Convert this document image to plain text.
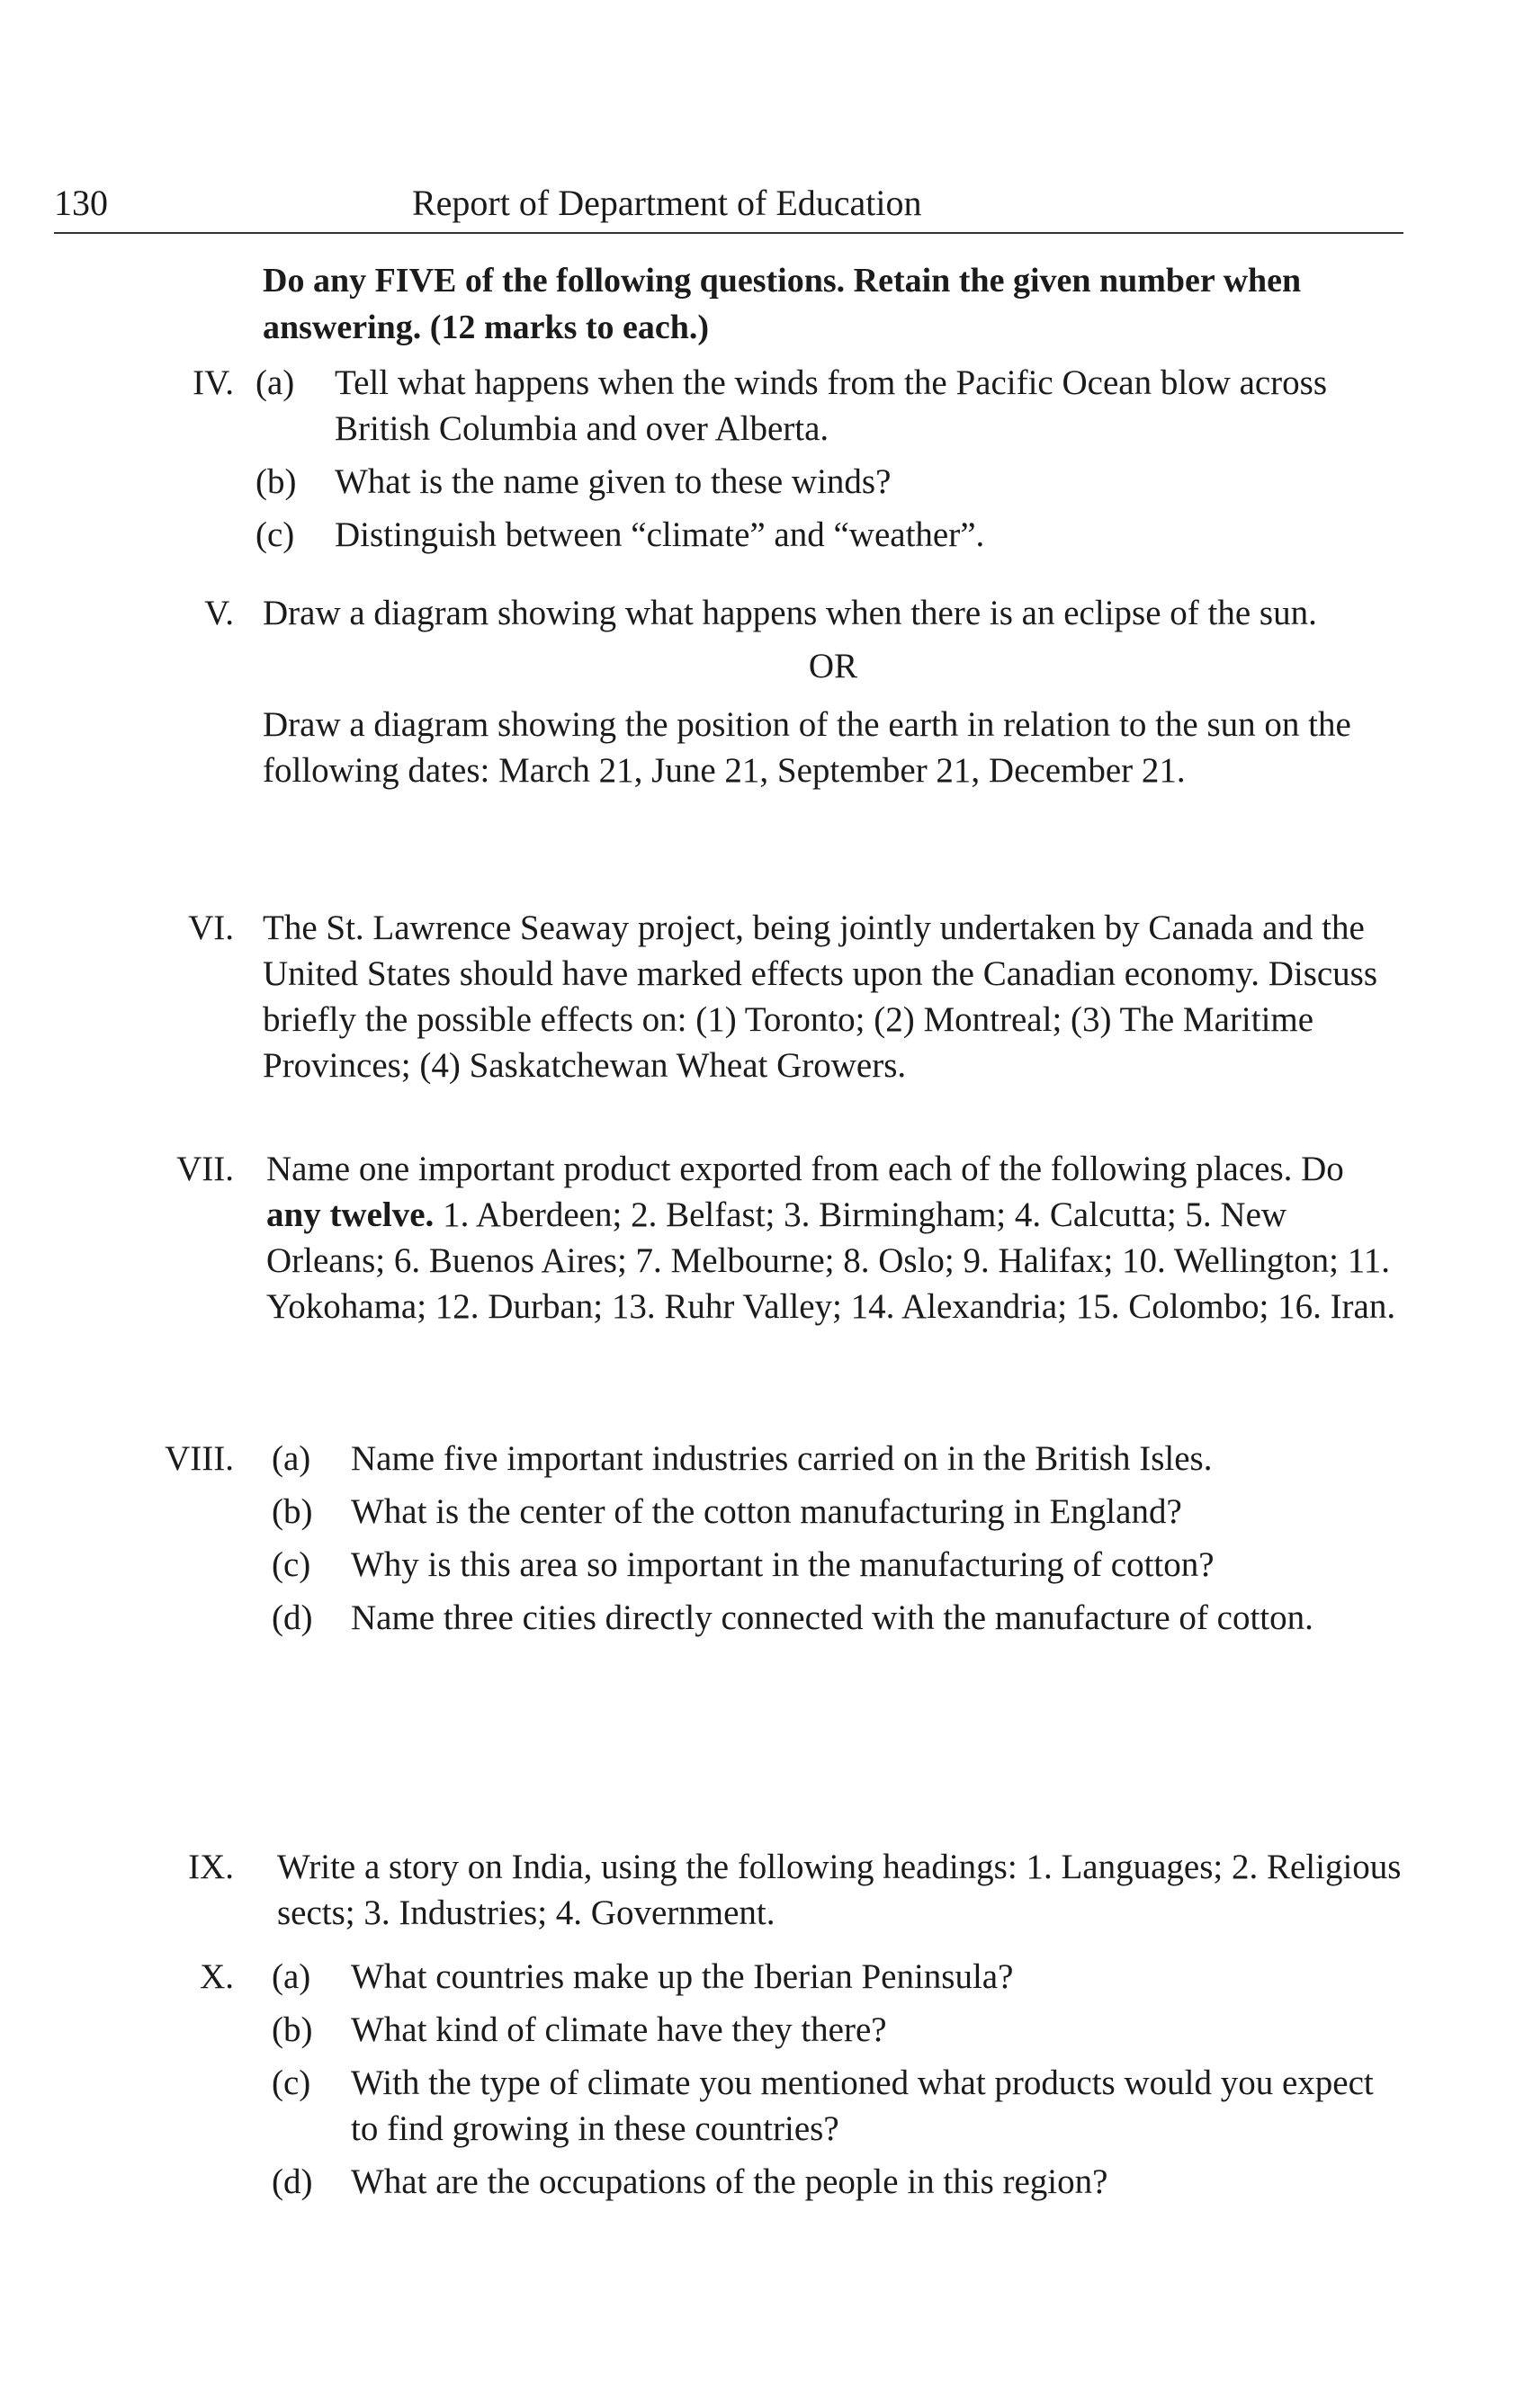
130	Report of Department of Education
Do any FIVE of the following questions. Retain the given number when answering. (12 marks to each.)
IV. (a) Tell what happens when the winds from the Pacific Ocean blow across British Columbia and over Alberta.
(b) What is the name given to these winds?
(c) Distinguish between “climate” and “weather”.
V. Draw a diagram showing what happens when there is an eclipse of the sun.

OR

Draw a diagram showing the position of the earth in relation to the sun on the following dates: March 21, June 21, September 21, December 21.

VI. The St. Lawrence Seaway project, being jointly undertaken by Canada and the United States should have marked effects upon the Canadian economy. Discuss briefly the possible effects on: (1) Toronto; (2) Montreal; (3) The Maritime Provinces; (4) Saskatchewan Wheat Growers.

VII. Name one important product exported from each of the following places. Do any twelve. 1. Aberdeen; 2. Belfast; 3. Birmingham; 4. Calcutta; 5. New Orleans; 6. Buenos Aires; 7. Melbourne; 8. Oslo; 9. Halifax; 10. Wellington; 11. Yokohama; 12. Durban; 13. Ruhr Valley; 14. Alexandria; 15. Colombo; 16. Iran.

VIII. (a) Name five important industries carried on in the British Isles.
(b) What is the center of the cotton manufacturing in England?
(c) Why is this area so important in the manufacturing of cotton?
(d) Name three cities directly connected with the manufacture of cotton.
IX. Write a story on India, using the following headings: 1. Languages; 2. Religious sects; 3. Industries; 4. Government.

X. (a) What countries make up the Iberian Peninsula?
(b) What kind of climate have they there?
(c) With the type of climate you mentioned what products would you expect to find growing in these countries?
(d) What are the occupations of the people in this region?
